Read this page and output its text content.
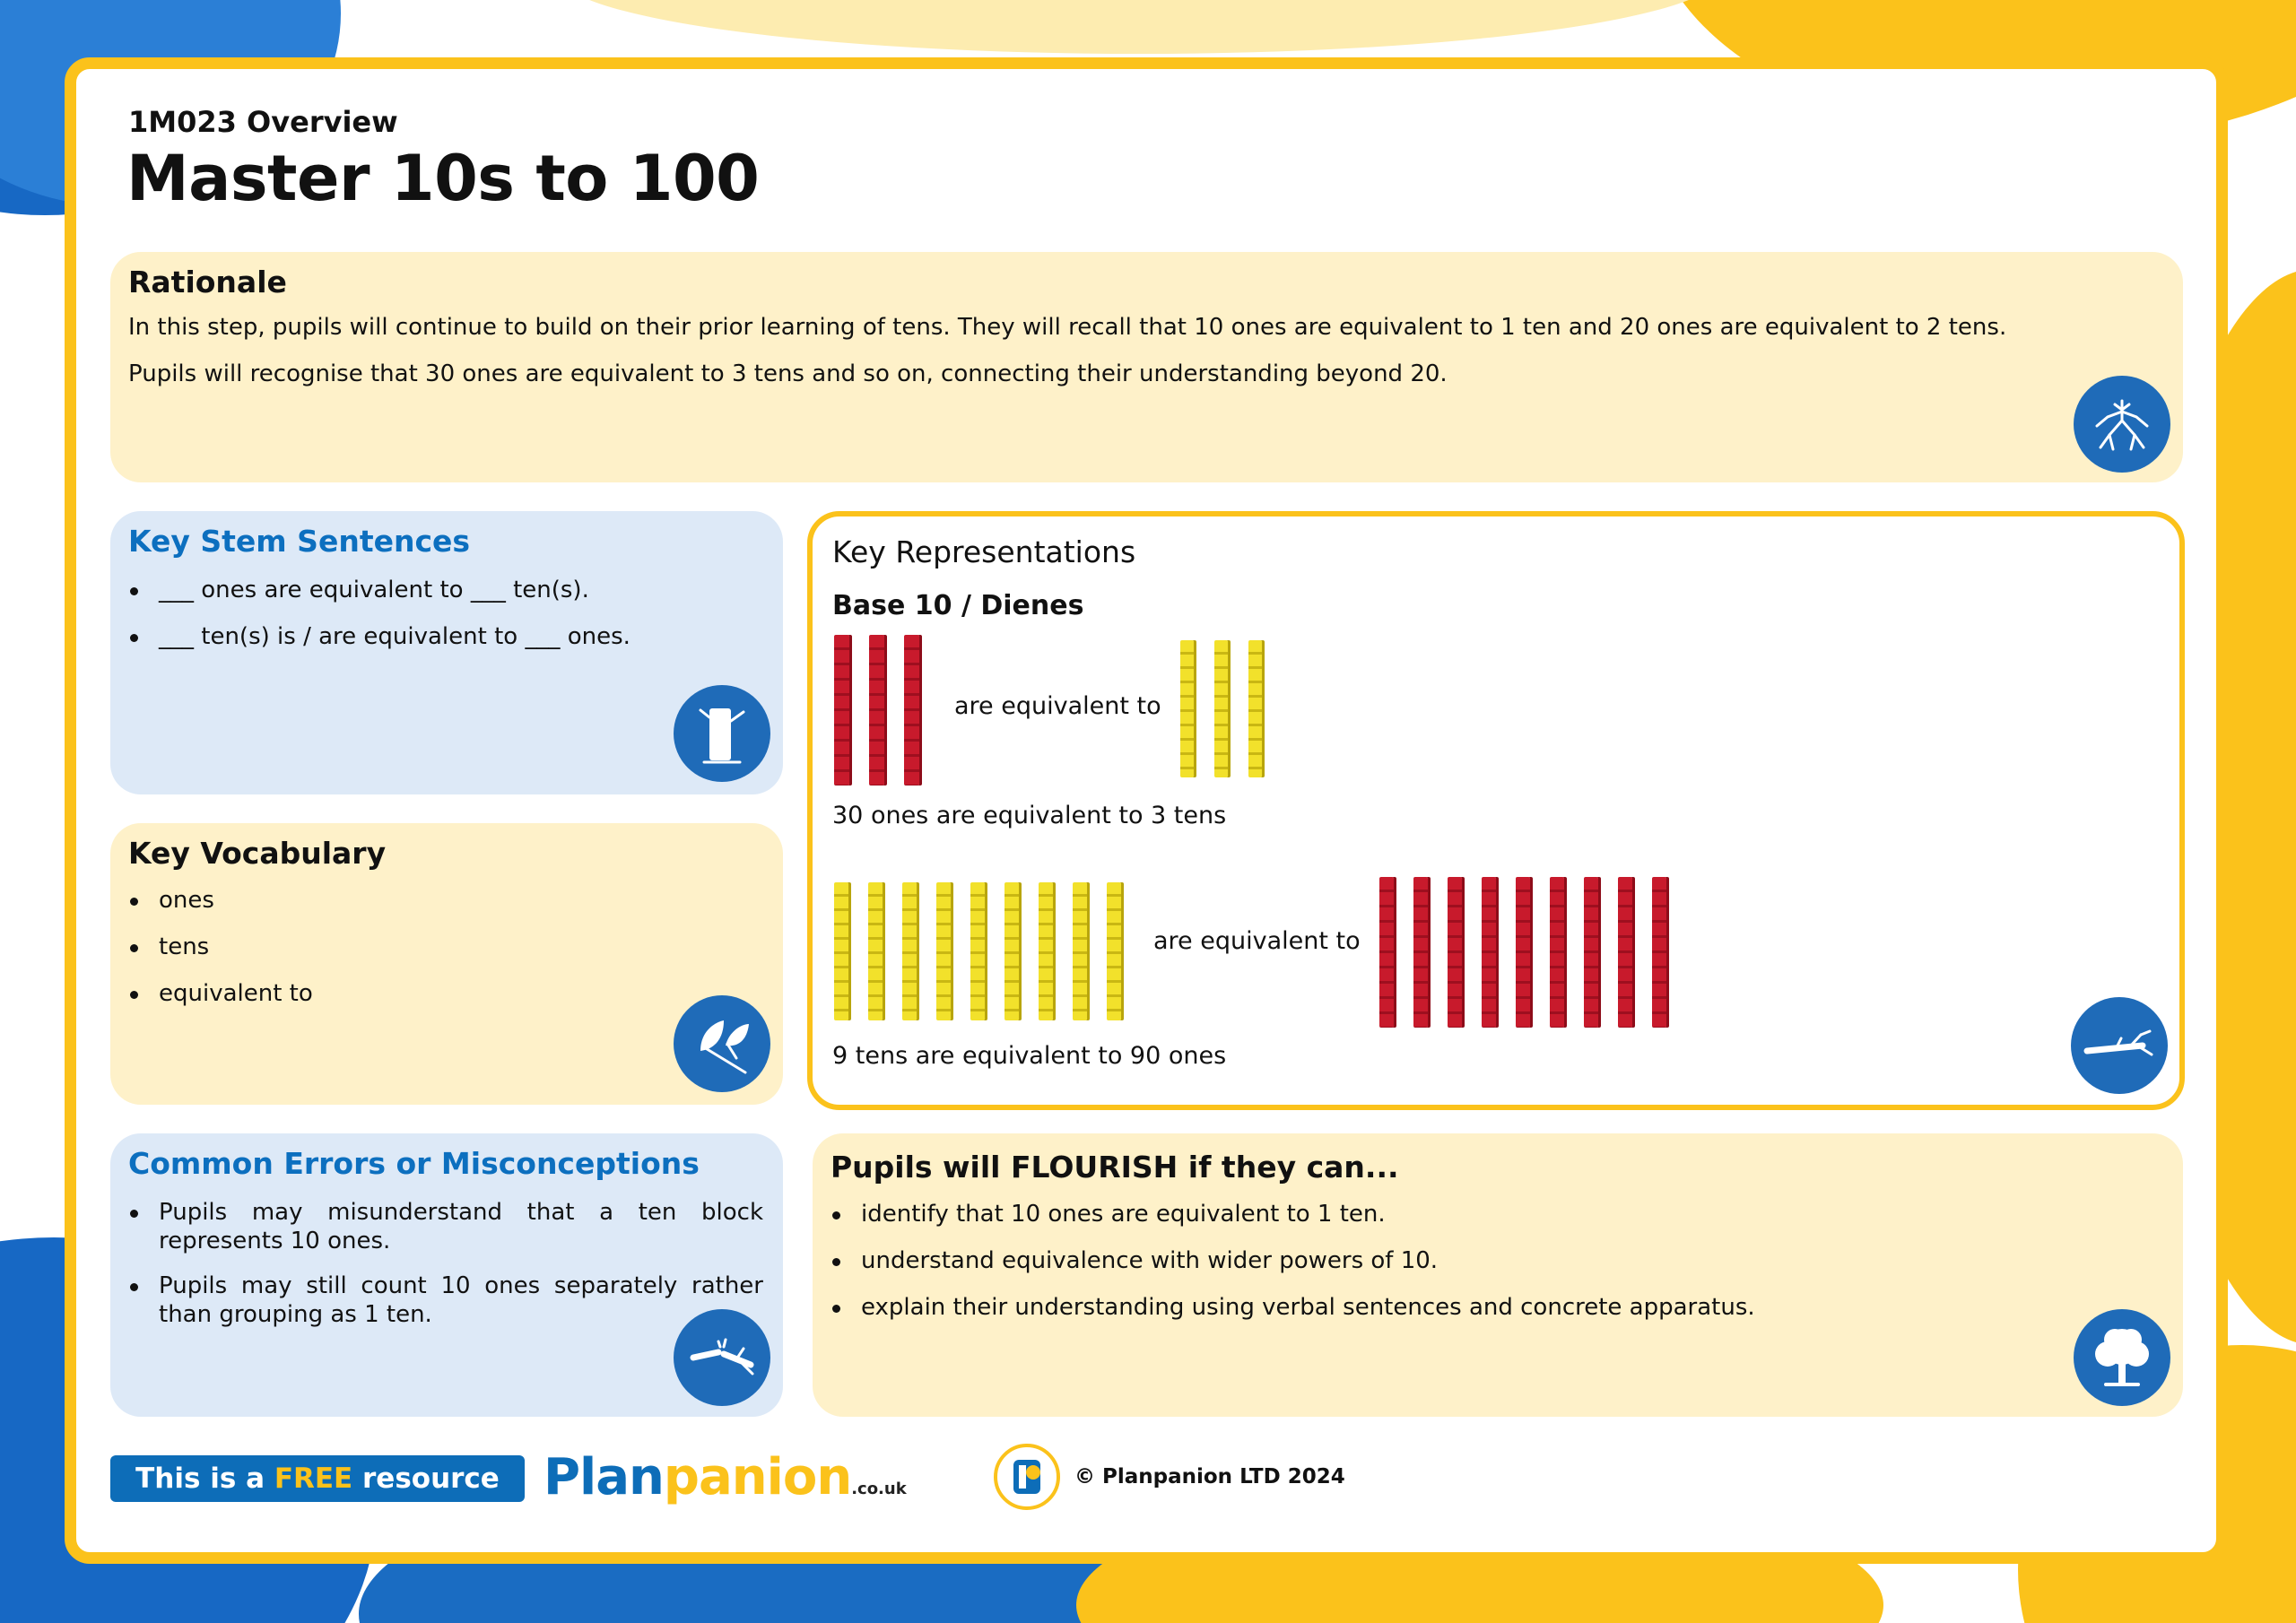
1M023 Overview
Master 10s to 100
Rationale

In this step, pupils will continue to build on their prior learning of tens. They will recall that 10 ones are equivalent to 1 ten and 20 ones are equivalent to 2 tens.

Pupils will recognise that 30 ones are equivalent to 3 tens and so on, connecting their understanding beyond 20.

Key Stem Sentences
___ ones are equivalent to ___ ten(s).
___ ten(s) is / are equivalent to ___ ones.
Key Vocabulary
ones
tens
equivalent to
Common Errors or Misconceptions
Pupils may misunderstand that a ten block represents 10 ones.
Pupils may still count 10 ones separately rather than grouping as 1 ten.
Key Representations
Base 10 / Dienes
are equivalent to
30 ones are equivalent to 3 tens
are equivalent to
9 tens are equivalent to 90 ones
Pupils will FLOURISH if they can...
identify that 10 ones are equivalent to 1 ten.
understand equivalence with wider powers of 10.
explain their understanding using verbal sentences and concrete apparatus.
This is a FREE resource from
Planpanion.co.uk
© Planpanion LTD 2024
